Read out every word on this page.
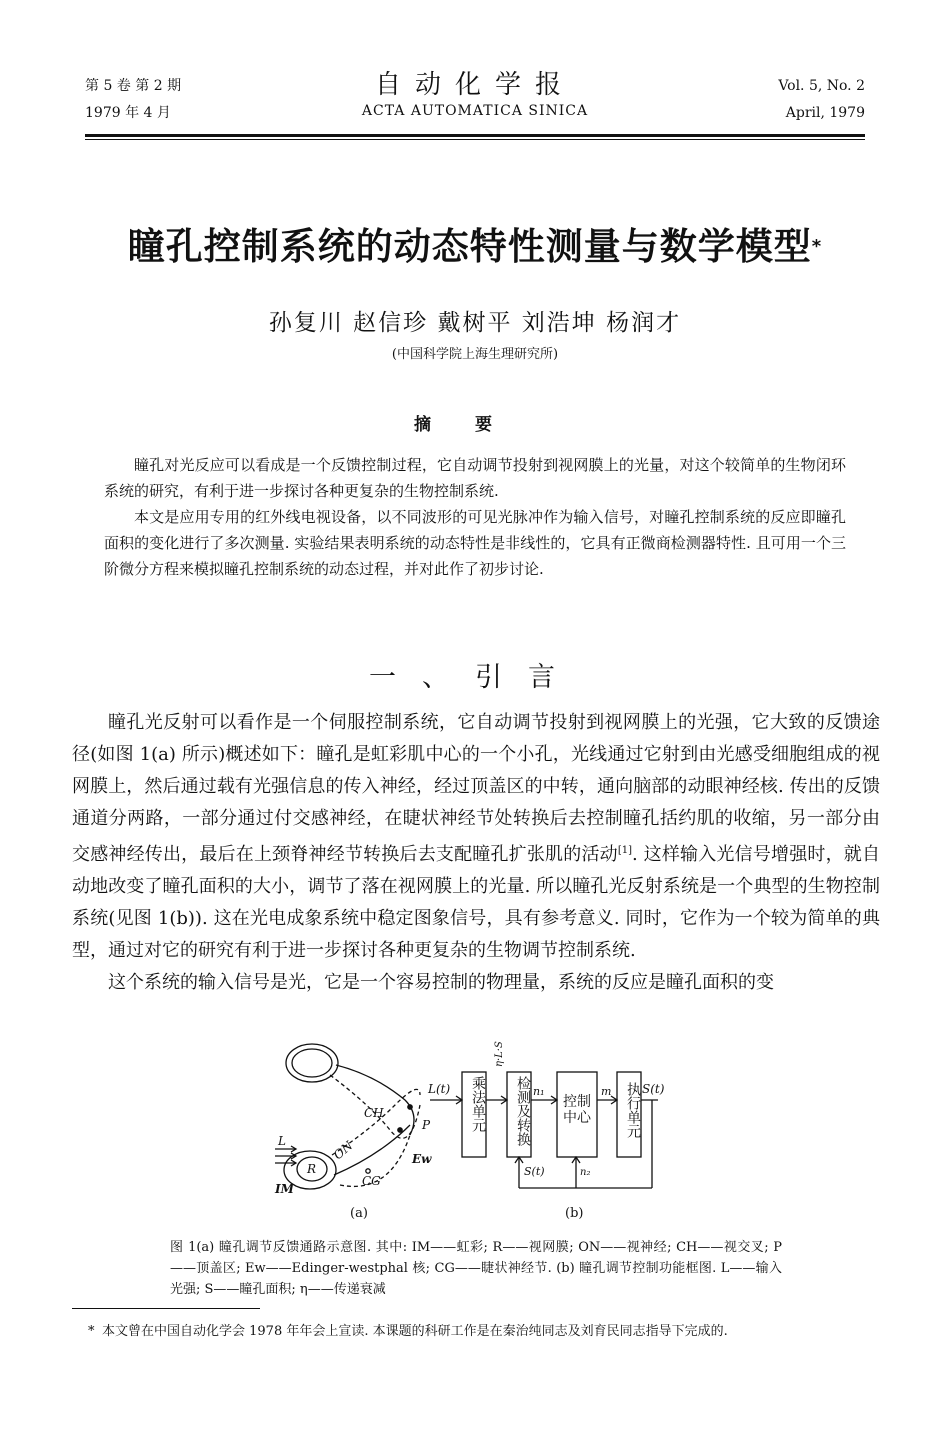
第 5 卷 第 2 期
1979 年 4 月
自动化学报
ACTA AUTOMATICA SINICA
Vol. 5, No. 2
April, 1979
瞳孔控制系统的动态特性测量与数学模型*
孙复川 赵信珍 戴树平 刘浩坤 杨润才
(中国科学院上海生理研究所)
摘要

瞳孔对光反应可以看成是一个反馈控制过程，它自动调节投射到视网膜上的光量，对这个较简单的生物闭环系统的研究，有利于进一步探讨各种更复杂的生物控制系统.

本文是应用专用的红外线电视设备，以不同波形的可见光脉冲作为输入信号，对瞳孔控制系统的反应即瞳孔面积的变化进行了多次测量. 实验结果表明系统的动态特性是非线性的，它具有正微商检测器特性. 且可用一个三阶微分方程来模拟瞳孔控制系统的动态过程，并对此作了初步讨论.

一、引言

瞳孔光反射可以看作是一个伺服控制系统，它自动调节投射到视网膜上的光强，它大致的反馈途径(如图 1(a) 所示)概述如下：瞳孔是虹彩肌中心的一个小孔，光线通过它射到由光感受细胞组成的视网膜上，然后通过载有光强信息的传入神经，经过顶盖区的中转，通向脑部的动眼神经核. 传出的反馈通道分两路，一部分通过付交感神经，在睫状神经节处转换后去控制瞳孔括约肌的收缩，另一部分由交感神经传出，最后在上颈脊神经节转换后去支配瞳孔扩张肌的活动[1]. 这样输入光信号增强时，就自动地改变了瞳孔面积的大小，调节了落在视网膜上的光量. 所以瞳孔光反射系统是一个典型的生物控制系统(见图 1(b)). 这在光电成象系统中稳定图象信号，具有参考意义. 同时，它作为一个较为简单的典型，通过对它的研究有利于进一步探讨各种更复杂的生物调节控制系统.

这个系统的输入信号是光，它是一个容易控制的物理量，系统的反应是瞳孔面积的变

L
IM
R
ON
CH
P
Ew
CG
L(t)
η·L·S
n₁	m	S(t)
S(t)	n₂
乘法单元	检测及转换	控制中心	执行单元
(a)	(b)
图 1(a) 瞳孔调节反馈通路示意图. 其中: IM——虹彩; R——视网膜; ON——视神经; CH——视交叉; P——顶盖区; Ew——Edinger-westphal 核; CG——睫状神经节. (b) 瞳孔调节控制功能框图. L——输入光强; S——瞳孔面积; η——传递衰减
* 本文曾在中国自动化学会 1978 年年会上宣读. 本课题的科研工作是在秦治纯同志及刘育民同志指导下完成的.
